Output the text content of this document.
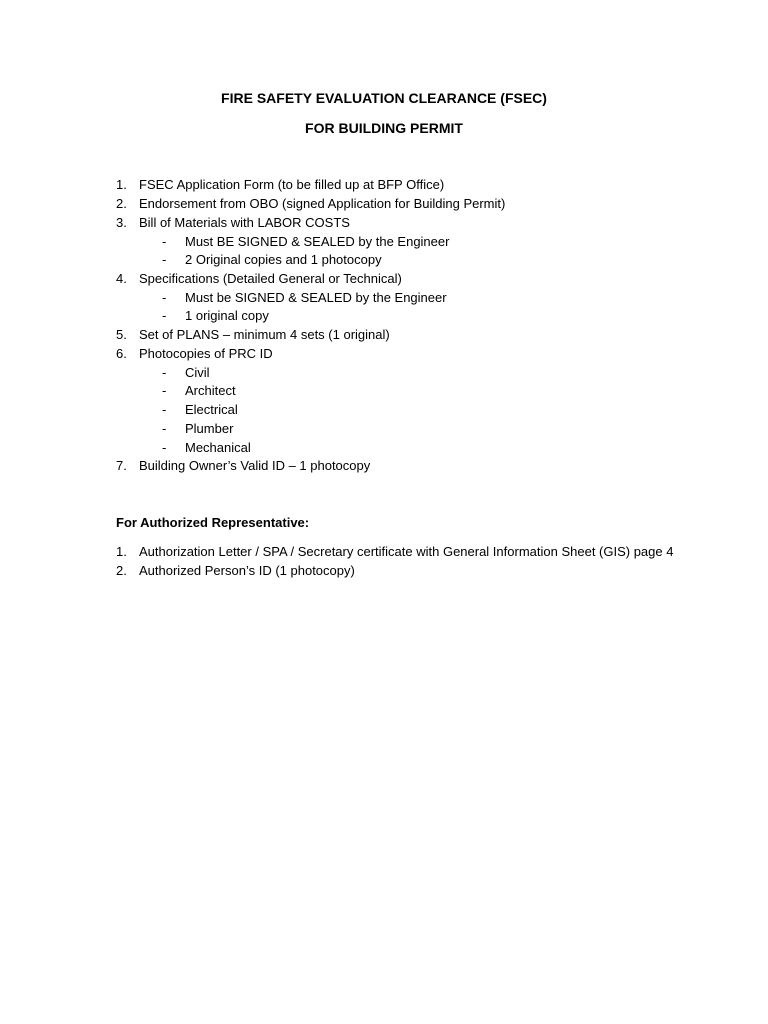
FIRE SAFETY EVALUATION CLEARANCE (FSEC)
FOR BUILDING PERMIT
1. FSEC Application Form (to be filled up at BFP Office)
2. Endorsement from OBO (signed Application for Building Permit)
3. Bill of Materials with LABOR COSTS
- Must BE SIGNED & SEALED by the Engineer
- 2 Original copies and 1 photocopy
4. Specifications (Detailed General or Technical)
- Must be SIGNED & SEALED by the Engineer
- 1 original copy
5. Set of PLANS – minimum 4 sets (1 original)
6. Photocopies of PRC ID
- Civil
- Architect
- Electrical
- Plumber
- Mechanical
7. Building Owner’s Valid ID – 1 photocopy
For Authorized Representative:
1. Authorization Letter / SPA / Secretary certificate with General Information Sheet (GIS) page 4
2. Authorized Person’s ID (1 photocopy)
